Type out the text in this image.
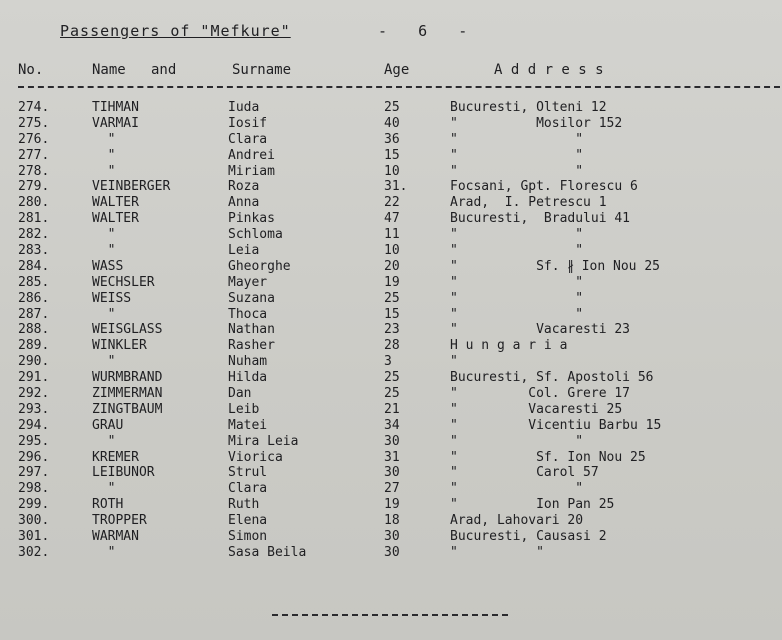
Passengers of "Mefkure"	-   6   -
No.	Name   and	Surname	Age	A d d r e s s
274.	TIHMAN	Iuda	25	Bucuresti, Olteni 12
275.	VARMAI	Iosif	40	"          Mosilor 152
276.	"	Clara	36	"               "
277.	"	Andrei	15	"               "
278.	"	Miriam	10	"               "
279.	VEINBERGER	Roza	31.	Focsani, Gpt. Florescu 6
280.	WALTER	Anna	22	Arad,  I. Petrescu 1
281.	WALTER	Pinkas	47	Bucuresti,  Bradului 41
282.	"	Schloma	11	"               "
283.	"	Leia	10	"               "
284.	WASS	Gheorghe	20	"          Sf. ∦ Ion Nou 25
285.	WECHSLER	Mayer	19	"               "
286.	WEISS	Suzana	25	"               "
287.	"	Thoca	15	"               "
288.	WEISGLASS	Nathan	23	"          Vacaresti 23
289.	WINKLER	Rasher	28	H u n g a r i a
290.	"	Nuham	3	"
291.	WURMBRAND	Hilda	25	Bucuresti, Sf. Apostoli 56
292.	ZIMMERMAN	Dan	25	"         Col. Grere 17
293.	ZINGTBAUM	Leib	21	"         Vacaresti 25
294.	GRAU	Matei	34	"         Vicentiu Barbu 15
295.	"	Mira Leia	30	"               "
296.	KREMER	Viorica	31	"          Sf. Ion Nou 25
297.	LEIBUNOR	Strul	30	"          Carol 57
298.	"	Clara	27	"               "
299.	ROTH	Ruth	19	"          Ion Pan 25
300.	TROPPER	Elena	18	Arad, Lahovari 20
301.	WARMAN	Simon	30	Bucuresti, Causasi 2
302.	"	Sasa Beila	30	"          "
